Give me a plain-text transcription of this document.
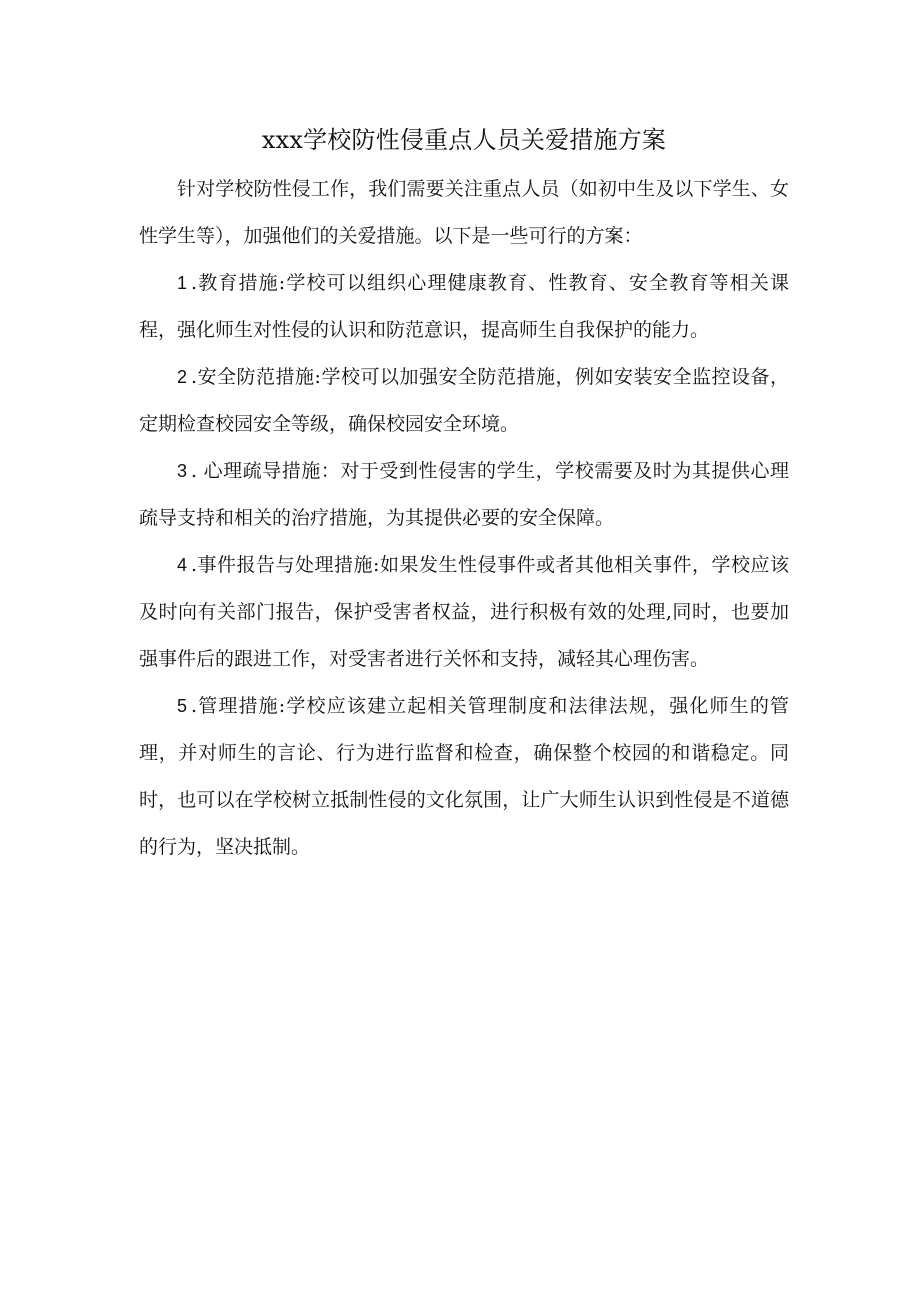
xxx学校防性侵重点人员关爱措施方案

针对学校防性侵工作，我们需要关注重点人员（如初中生及以下学生、女性学生等），加强他们的关爱措施。以下是一些可行的方案：

1 .教育措施:学校可以组织心理健康教育、性教育、安全教育等相关课程，强化师生对性侵的认识和防范意识，提高师生自我保护的能力。

2 .安全防范措施:学校可以加强安全防范措施，例如安装安全监控设备，定期检查校园安全等级，确保校园安全环境。

3 . 心理疏导措施：对于受到性侵害的学生，学校需要及时为其提供心理疏导支持和相关的治疗措施，为其提供必要的安全保障。

4 .事件报告与处理措施:如果发生性侵事件或者其他相关事件，学校应该及时向有关部门报告，保护受害者权益，进行积极有效的处理,同时，也要加强事件后的跟进工作，对受害者进行关怀和支持，减轻其心理伤害。

5 .管理措施:学校应该建立起相关管理制度和法律法规，强化师生的管理，并对师生的言论、行为进行监督和检查，确保整个校园的和谐稳定。同时，也可以在学校树立抵制性侵的文化氛围，让广大师生认识到性侵是不道德的行为，坚决抵制。
